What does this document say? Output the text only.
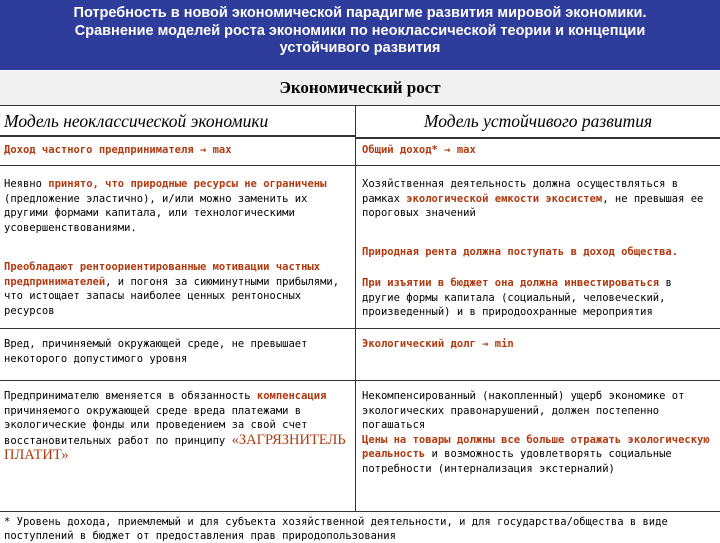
Потребность в новой экономической парадигме развития мировой экономики.
Сравнение моделей роста экономики по неоклассической теории и концепции
устойчивого развития
Экономический рост
Модель неоклассической экономики	Модель устойчивого развития
Доход частного предпринимателя → max	Общий доход* → max
Неявно принято, что природные ресурсы не ограничены (предложение эластично), и/или можно заменить их другими формами капитала, или технологическими усовершенствованиями.
Хозяйственная деятельность должна осуществляться в рамках экологической емкости экосистем, не превышая ее пороговых значений
Природная рента должна поступать в доход общества.
Преобладают рентоориентированные мотивации частных предпринимателей, и погоня за сиюминутными прибылями, что истощает запасы наиболее ценных рентоносных ресурсов
При изъятии в бюджет она должна инвестироваться в другие формы капитала (социальный, человеческий, произведенный) и в природоохранные мероприятия
Вред, причиняемый окружающей среде, не превышает некоторого допустимого уровня
Экологический долг → min
Предпринимателю вменяется в обязанность компенсация причиняемого окружающей среде вреда платежами в экологические фонды или проведением за свой счет восстановительных работ по принципу «ЗАГРЯЗНИТЕЛЬ ПЛАТИТ»
Некомпенсированный (накопленный) ущерб экономике от экологических правонарушений, должен постепенно погашаться
Цены на товары должны все больше отражать экологическую реальность и возможность удовлетворять социальные потребности (интернализация экстерналий)
* Уровень дохода, приемлемый и для субъекта хозяйственной деятельности, и для государства/общества в виде поступлений в бюджет от предоставления прав природопользования
